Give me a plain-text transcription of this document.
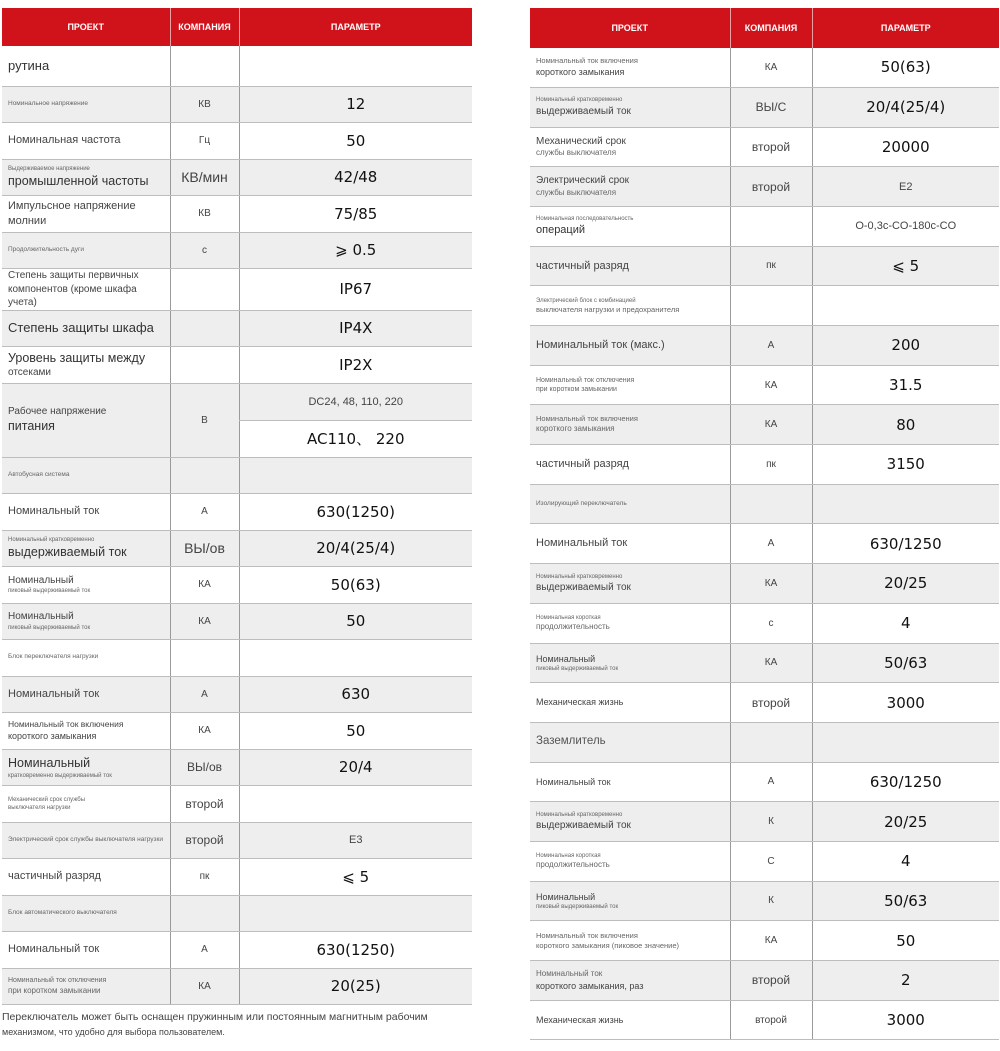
ПРОЕКТ	КОМПАНИЯ	ПАРАМЕТР
рутина		
Номинальное напряжение	КВ	12
Номинальная частота	Гц	50

Выдерживаемое напряжение
промышленной частоты	КВ/мин	42/48
Импульсное напряжение молнии	КВ	75/85
Продолжительность дуги	с	⩾ 0.5

Степень защиты первичных
компонентов (кроме шкафа учета)		IP67
Степень защиты шкафа		IP4X

Уровень защиты между
отсеками		IP2X

Рабочее напряжение
питания	В	DC24, 48, 110, 220
		AC110、 220
Автобусная система		
Номинальный ток	А	630(1250)

Номинальный кратковременно
выдерживаемый ток	ВЫ/ов	20/4(25/4)

Номинальный
пиковый выдерживаемый ток	КА	50(63)

Номинальный
пиковый выдерживаемый ток	КА	50
Блок переключателя нагрузки		
Номинальный ток	А	630

Номинальный ток включения
короткого замыкания	КА	50

Номинальный
кратковременно выдерживаемый ток	ВЫ/ов	20/4

Механический срок службы
выключателя нагрузки	второй	
Электрический срок службы выключателя нагрузки	второй	E3
частичный разряд	пк	⩽ 5
Блок автоматического выключателя		
Номинальный ток	А	630(1250)

Номинальный ток отключения
при коротком замыкании	КА	20(25)
ПРОЕКТ	КОМПАНИЯ	ПАРАМЕТР

Номинальный ток включения
короткого замыкания	КА	50(63)

Номинальный кратковременно
выдерживаемый ток	ВЫ/С	20/4(25/4)

Механический срок
службы выключателя	второй	20000

Электрический срок
службы выключателя	второй	E2

Номинальная последовательность
операций		O-0,3с-CO-180с-CO
частичный разряд	пк	⩽ 5

Электрический блок с комбинацией
выключателя нагрузки и предохранителя		

Номинальный ток (макс.)	А	200

Номинальный ток отключения
при коротком замыкании	КА	31.5

Номинальный ток включения
короткого замыкания	КА	80
частичный разряд	пк	3150
Изолирующий переключатель		
Номинальный ток	А	630/1250

Номинальный кратковременно
выдерживаемый ток	КА	20/25

Номинальная короткая
продолжительность	с	4

Номинальный
пиковый выдерживаемый ток	КА	50/63
Механическая жизнь	второй	3000
Заземлитель		
Номинальный ток	А	630/1250

Номинальный кратковременно
выдерживаемый ток	К	20/25

Номинальная короткая
продолжительность	С	4

Номинальный
пиковый выдерживаемый ток	К	50/63

Номинальный ток включения
короткого замыкания (пиковое значение)	КА	50

Номинальный ток
короткого замыкания, раз	второй	2
Механическая жизнь	второй	3000
Переключатель может быть оснащен пружинным или постоянным магнитным рабочим
механизмом, что удобно для выбора пользователем.
